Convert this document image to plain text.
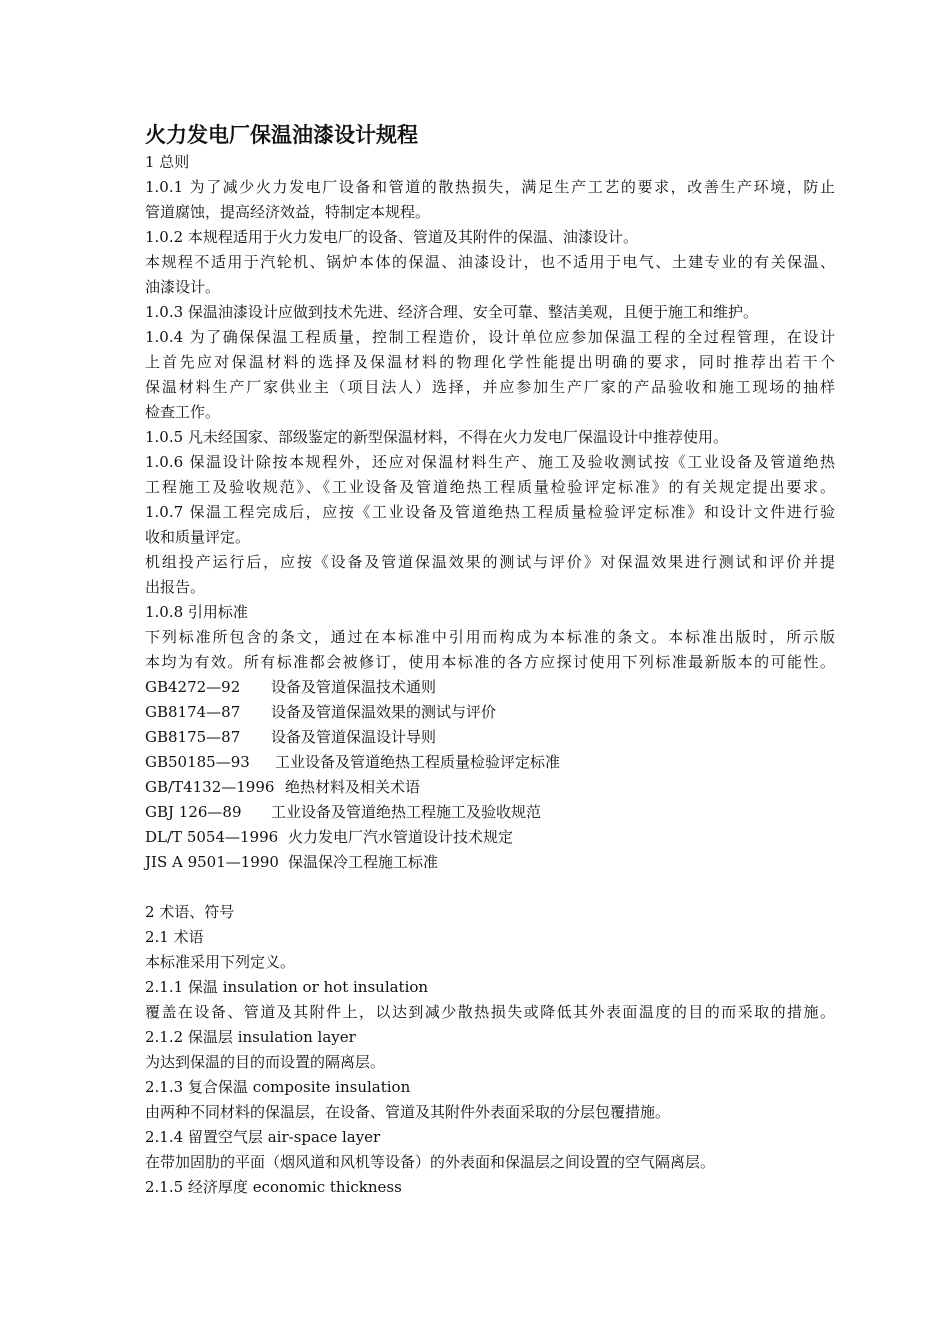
火力发电厂保温油漆设计规程
1 总则
1.0.1 为了减少火力发电厂设备和管道的散热损失，满足生产工艺的要求，改善生产环境，防止
管道腐蚀，提高经济效益，特制定本规程。
1.0.2 本规程适用于火力发电厂的设备、管道及其附件的保温、油漆设计。
本规程不适用于汽轮机、锅炉本体的保温、油漆设计，也不适用于电气、土建专业的有关保温、
油漆设计。
1.0.3 保温油漆设计应做到技术先进、经济合理、安全可靠、整洁美观，且便于施工和维护。
1.0.4 为了确保保温工程质量，控制工程造价，设计单位应参加保温工程的全过程管理，在设计
上首先应对保温材料的选择及保温材料的物理化学性能提出明确的要求，同时推荐出若干个
保温材料生产厂家供业主（项目法人）选择，并应参加生产厂家的产品验收和施工现场的抽样
检查工作。
1.0.5 凡未经国家、部级鉴定的新型保温材料，不得在火力发电厂保温设计中推荐使用。
1.0.6 保温设计除按本规程外，还应对保温材料生产、施工及验收测试按《工业设备及管道绝热
工程施工及验收规范》、《工业设备及管道绝热工程质量检验评定标准》的有关规定提出要求。
1.0.7 保温工程完成后，应按《工业设备及管道绝热工程质量检验评定标准》和设计文件进行验
收和质量评定。
机组投产运行后，应按《设备及管道保温效果的测试与评价》对保温效果进行测试和评价并提
出报告。
1.0.8 引用标准
下列标准所包含的条文，通过在本标准中引用而构成为本标准的条文。本标准出版时，所示版
本均为有效。所有标准都会被修订，使用本标准的各方应探讨使用下列标准最新版本的可能性。
GB4272—92	设备及管道保温技术通则
GB8174—87	设备及管道保温效果的测试与评价
GB8175—87	设备及管道保温设计导则
GB50185—93	工业设备及管道绝热工程质量检验评定标准
GB/T4132—1996 绝热材料及相关术语
GBJ 126—89	工业设备及管道绝热工程施工及验收规范
DL/T 5054—1996 火力发电厂汽水管道设计技术规定
JIS A 9501—1990 保温保冷工程施工标准
2 术语、符号
2.1 术语
本标准采用下列定义。
2.1.1 保温 insulation or hot insulation
覆盖在设备、管道及其附件上，以达到减少散热损失或降低其外表面温度的目的而采取的措施。
2.1.2 保温层 insulation layer
为达到保温的目的而设置的隔离层。
2.1.3 复合保温 composite insulation
由两种不同材料的保温层，在设备、管道及其附件外表面采取的分层包覆措施。
2.1.4 留置空气层 air-space layer
在带加固肋的平面（烟风道和风机等设备）的外表面和保温层之间设置的空气隔离层。
2.1.5 经济厚度 economic thickness
